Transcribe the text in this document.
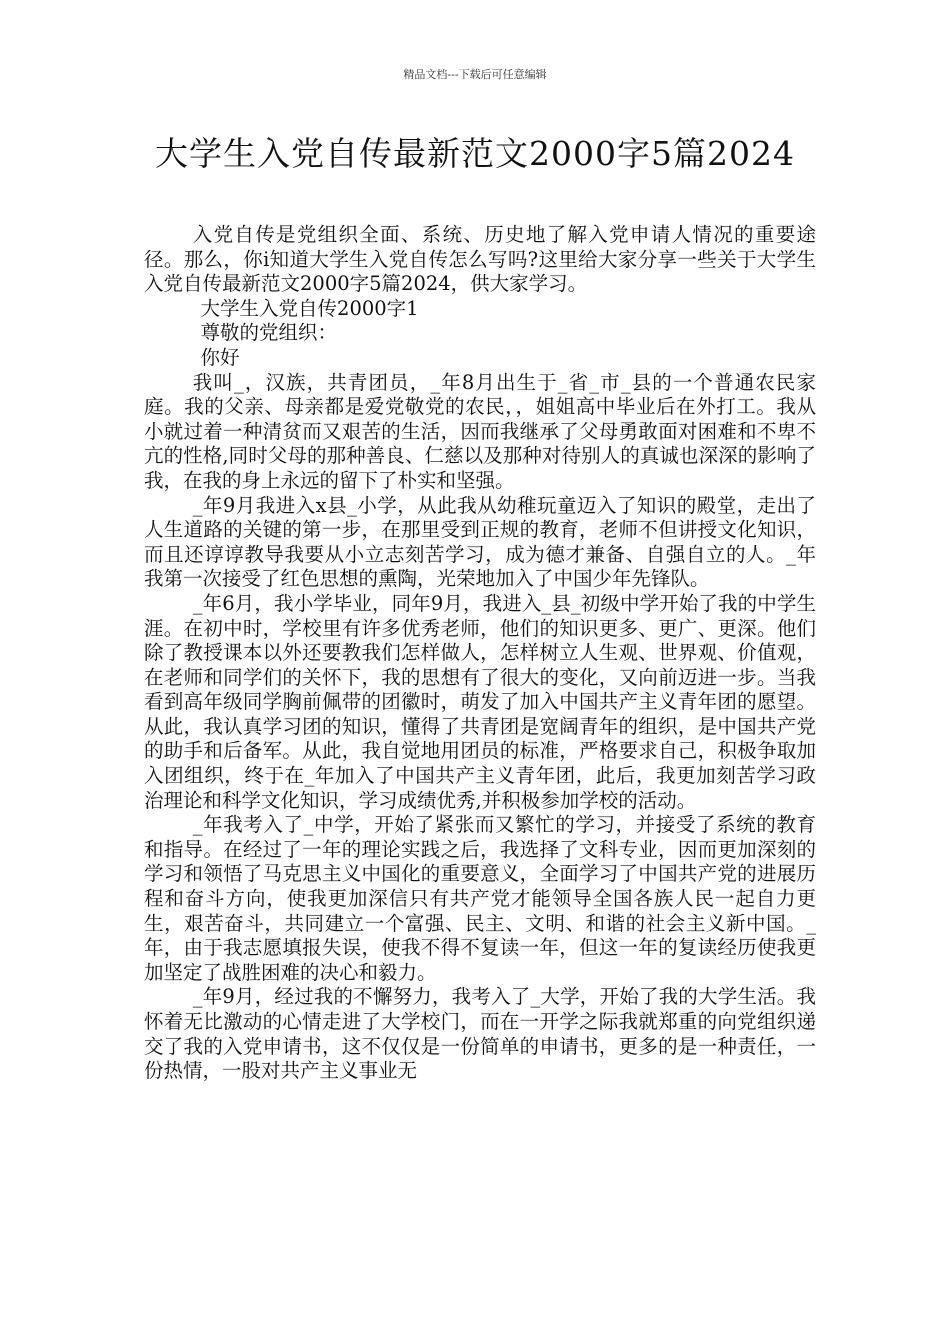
精品文档---下载后可任意编辑
大学生入党自传最新范文2000字5篇2024

入党自传是党组织全面、系统、历史地了解入党申请人情况的重要途径。那么，你i知道大学生入党自传怎么写吗?这里给大家分享一些关于大学生入党自传最新范文2000字5篇2024，供大家学习。

大学生入党自传2000字1

尊敬的党组织：

你好

我叫_，汉族，共青团员，_年8月出生于_省_市_县的一个普通农民家庭。我的父亲、母亲都是爱党敬党的农民，，姐姐高中毕业后在外打工。我从小就过着一种清贫而又艰苦的生活，因而我继承了父母勇敢面对困难和不卑不亢的性格,同时父母的那种善良、仁慈以及那种对待别人的真诚也深深的影响了我，在我的身上永远的留下了朴实和坚强。

_年9月我进入x县_小学，从此我从幼稚玩童迈入了知识的殿堂，走出了人生道路的关键的第一步，在那里受到正规的教育，老师不但讲授文化知识，而且还谆谆教导我要从小立志刻苦学习，成为德才兼备、自强自立的人。_年我第一次接受了红色思想的熏陶，光荣地加入了中国少年先锋队。

_年6月，我小学毕业，同年9月，我进入_县_初级中学开始了我的中学生涯。在初中时，学校里有许多优秀老师，他们的知识更多、更广、更深。他们除了教授课本以外还要教我们怎样做人，怎样树立人生观、世界观、价值观，在老师和同学们的关怀下，我的思想有了很大的变化，又向前迈进一步。当我看到高年级同学胸前佩带的团徽时，萌发了加入中国共产主义青年团的愿望。从此，我认真学习团的知识，懂得了共青团是宽阔青年的组织，是中国共产党的助手和后备军。从此，我自觉地用团员的标准，严格要求自己，积极争取加入团组织，终于在_年加入了中国共产主义青年团，此后，我更加刻苦学习政治理论和科学文化知识，学习成绩优秀,并积极参加学校的活动。

_年我考入了_中学，开始了紧张而又繁忙的学习，并接受了系统的教育和指导。在经过了一年的理论实践之后，我选择了文科专业，因而更加深刻的学习和领悟了马克思主义中国化的重要意义，全面学习了中国共产党的进展历程和奋斗方向，使我更加深信只有共产党才能领导全国各族人民一起自力更生，艰苦奋斗，共同建立一个富强、民主、文明、和谐的社会主义新中国。_年，由于我志愿填报失误，使我不得不复读一年，但这一年的复读经历使我更加坚定了战胜困难的决心和毅力。

_年9月，经过我的不懈努力，我考入了_大学，开始了我的大学生活。我怀着无比激动的心情走进了大学校门，而在一开学之际我就郑重的向党组织递交了我的入党申请书，这不仅仅是一份简单的申请书，更多的是一种责任，一份热情，一股对共产主义事业无
